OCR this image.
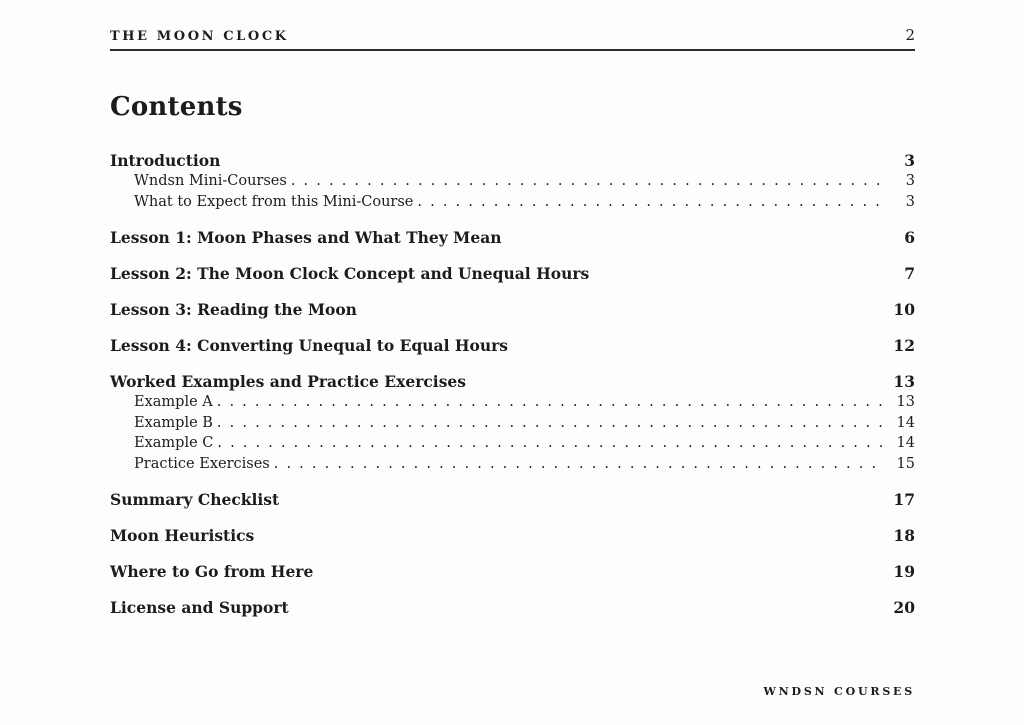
THE MOON CLOCK	2
Contents
Introduction	3
Wndsn Mini-Courses . . .	3
What to Expect from this Mini-Course . . .	3
Lesson 1: Moon Phases and What They Mean	6
Lesson 2: The Moon Clock Concept and Unequal Hours	7
Lesson 3: Reading the Moon	10
Lesson 4: Converting Unequal to Equal Hours	12
Worked Examples and Practice Exercises	13
Example A . . .	13
Example B . . .	14
Example C . . .	14
Practice Exercises . . .	15
Summary Checklist	17
Moon Heuristics	18
Where to Go from Here	19
License and Support	20
WNDSN COURSES
